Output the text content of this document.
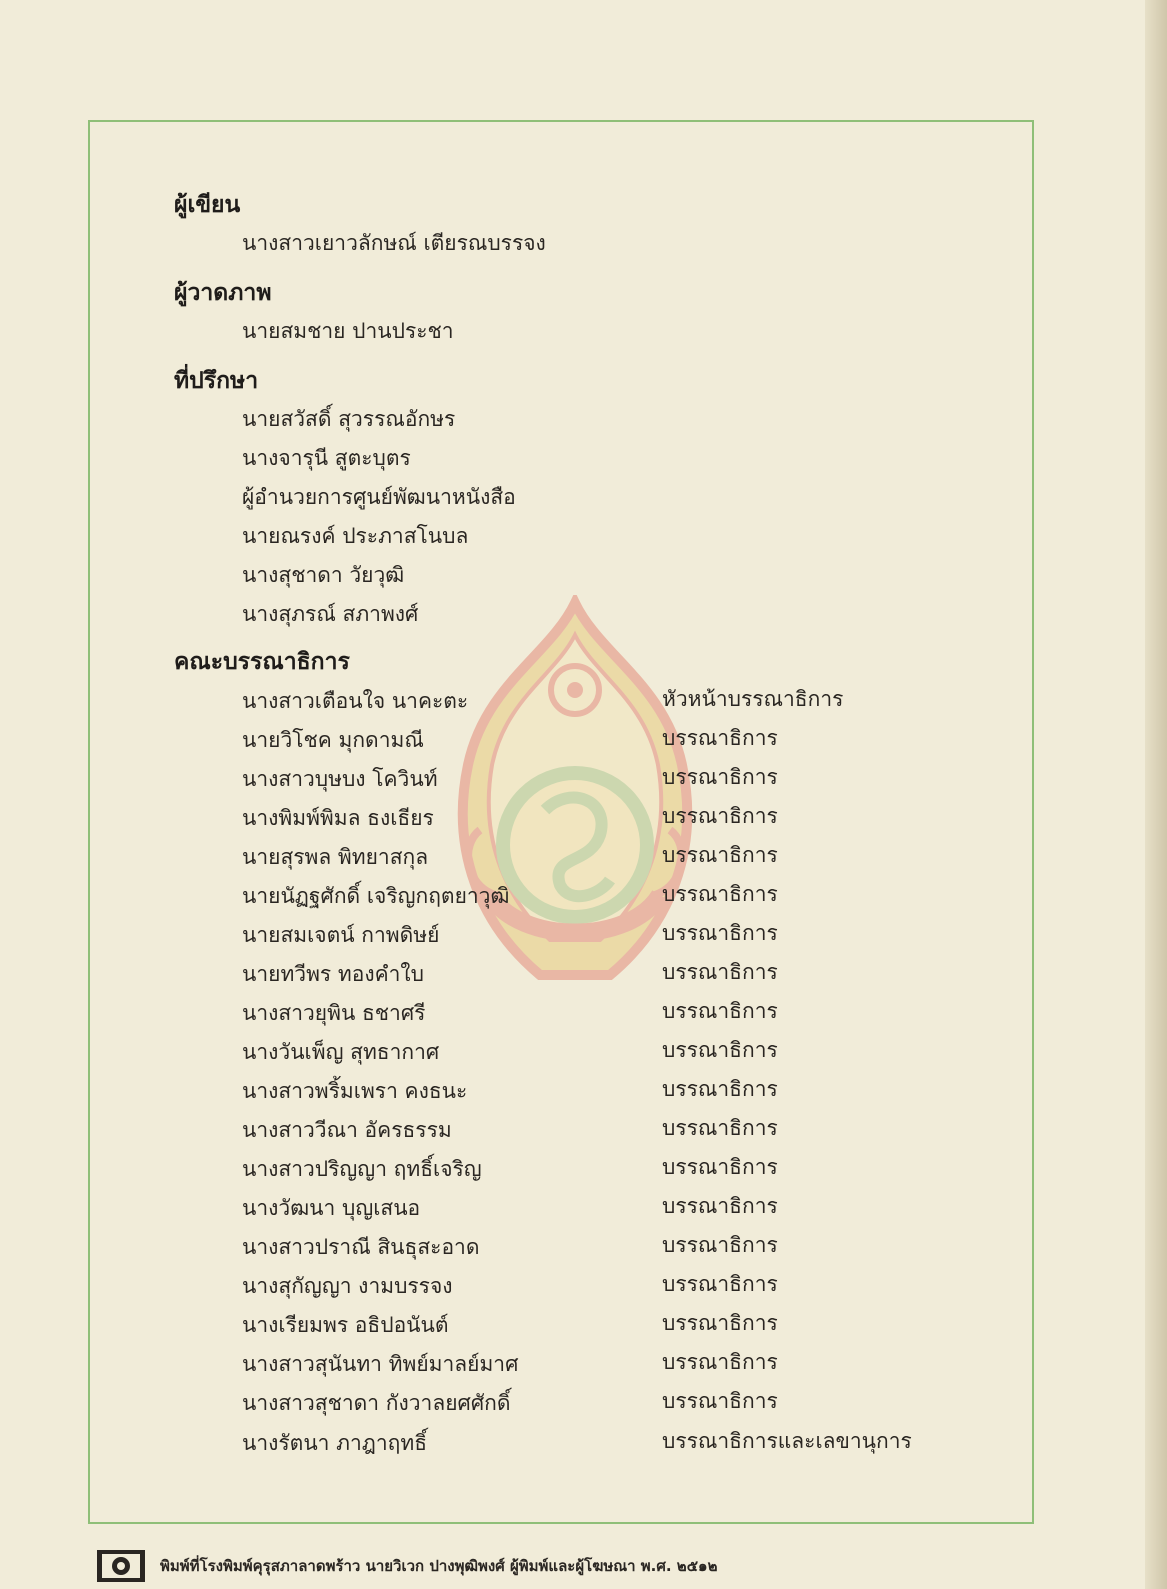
ผู้เขียน
นางสาวเยาวลักษณ์ เตียรณบรรจง
ผู้วาดภาพ
นายสมชาย ปานประชา
ที่ปรึกษา
นายสวัสดิ์ สุวรรณอักษร
นางจารุนี สูตะบุตร
ผู้อำนวยการศูนย์พัฒนาหนังสือ
นายณรงค์ ประภาสโนบล
นางสุชาดา วัยวุฒิ
นางสุภรณ์ สภาพงศ์
คณะบรรณาธิการ
นางสาวเตือนใจ นาคะตะ	หัวหน้าบรรณาธิการ
นายวิโชค มุกดามณี	บรรณาธิการ
นางสาวบุษบง โควินท์	บรรณาธิการ
นางพิมพ์พิมล ธงเธียร	บรรณาธิการ
นายสุรพล พิทยาสกุล	บรรณาธิการ
นายนัฏฐศักดิ์ เจริญกฤตยาวุฒิ	บรรณาธิการ
นายสมเจตน์ กาพดิษย์	บรรณาธิการ
นายทวีพร ทองคำใบ	บรรณาธิการ
นางสาวยุพิน ธชาศรี	บรรณาธิการ
นางวันเพ็ญ สุทธากาศ	บรรณาธิการ
นางสาวพริ้มเพรา คงธนะ	บรรณาธิการ
นางสาววีณา อัครธรรม	บรรณาธิการ
นางสาวปริญญา ฤทธิ์เจริญ	บรรณาธิการ
นางวัฒนา บุญเสนอ	บรรณาธิการ
นางสาวปราณี สินธุสะอาด	บรรณาธิการ
นางสุกัญญา งามบรรจง	บรรณาธิการ
นางเรียมพร อธิปอนันต์	บรรณาธิการ
นางสาวสุนันทา ทิพย์มาลย์มาศ	บรรณาธิการ
นางสาวสุชาดา กังวาลยศศักดิ์	บรรณาธิการ
นางรัตนา ภาฎาฤทธิ์	บรรณาธิการและเลขานุการ
พิมพ์ที่โรงพิมพ์คุรุสภาลาดพร้าว นายวิเวก ปางพุฒิพงศ์ ผู้พิมพ์และผู้โฆษณา พ.ศ. ๒๕๑๒
